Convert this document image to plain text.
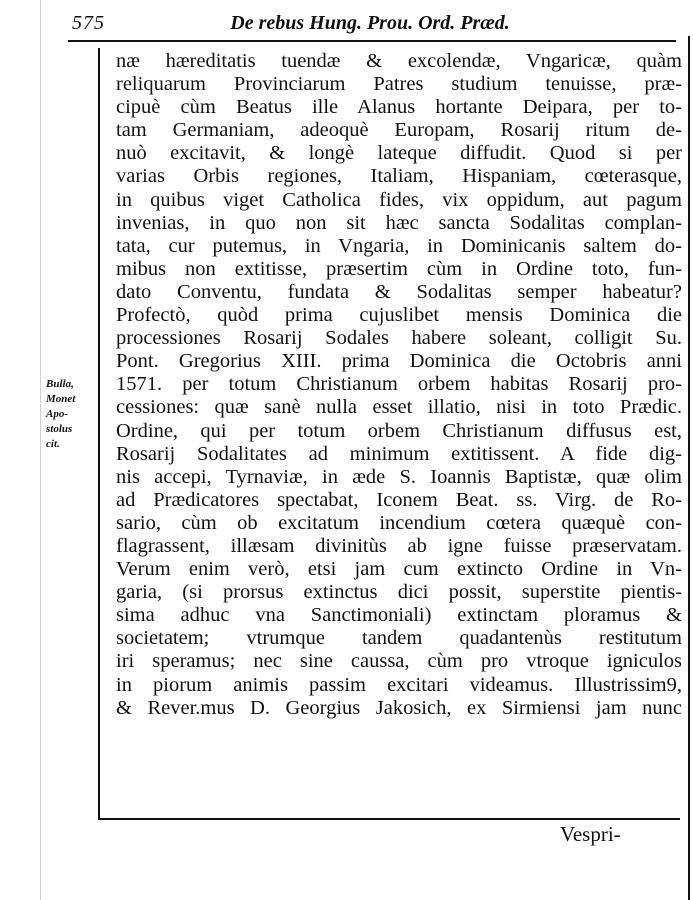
575	De rebus Hung. Prou. Ord. Præd.
Bulla,
Monet
Apo-
stolus
cit.
næ hæreditatis tuendæ & excolendæ, Vngaricæ, quàm
reliquarum Provinciarum Patres studium tenuisse, præ-
cipuè cùm Beatus ille Alanus hortante Deipara, per to-
tam Germaniam, adeoquè Europam, Rosarij ritum de-
nuò excitavit, & longè lateque diffudit. Quod si per
varias Orbis regiones, Italiam, Hispaniam, cœterasque,
in quibus viget Catholica fides, vix oppidum, aut pagum
invenias, in quo non sit hæc sancta Sodalitas complan-
tata, cur putemus, in Vngaria, in Dominicanis saltem do-
mibus non extitisse, præsertim cùm in Ordine toto, fun-
dato Conventu, fundata & Sodalitas semper habeatur?
Profectò, quòd prima cujuslibet mensis Dominica die
processiones Rosarij Sodales habere soleant, colligit Su.
Pont. Gregorius XIII. prima Dominica die Octobris anni
1571. per totum Christianum orbem habitas Rosarij pro-
cessiones: quæ sanè nulla esset illatio, nisi in toto Prædic.
Ordine, qui per totum orbem Christianum diffusus est,
Rosarij Sodalitates ad minimum extitissent. A fide dig-
nis accepi, Tyrnaviæ, in æde S. Ioannis Baptistæ, quæ olim
ad Prædicatores spectabat, Iconem Beat. ss. Virg. de Ro-
sario, cùm ob excitatum incendium cœtera quæquè con-
flagrassent, illæsam divinitùs ab igne fuisse præservatam.
Verum enim verò, etsi jam cum extincto Ordine in Vn-
garia, (si prorsus extinctus dici possit, superstite pientis-
sima adhuc vna Sanctimoniali) extinctam ploramus &
societatem; vtrumque tandem quadantenùs restitutum
iri speramus; nec sine caussa, cùm pro vtroque igniculos
in piorum animis passim excitari videamus. Illustrissim9,
& Rever.mus D. Georgius Jakosich, ex Sirmiensi jam nunc
Vespri-
